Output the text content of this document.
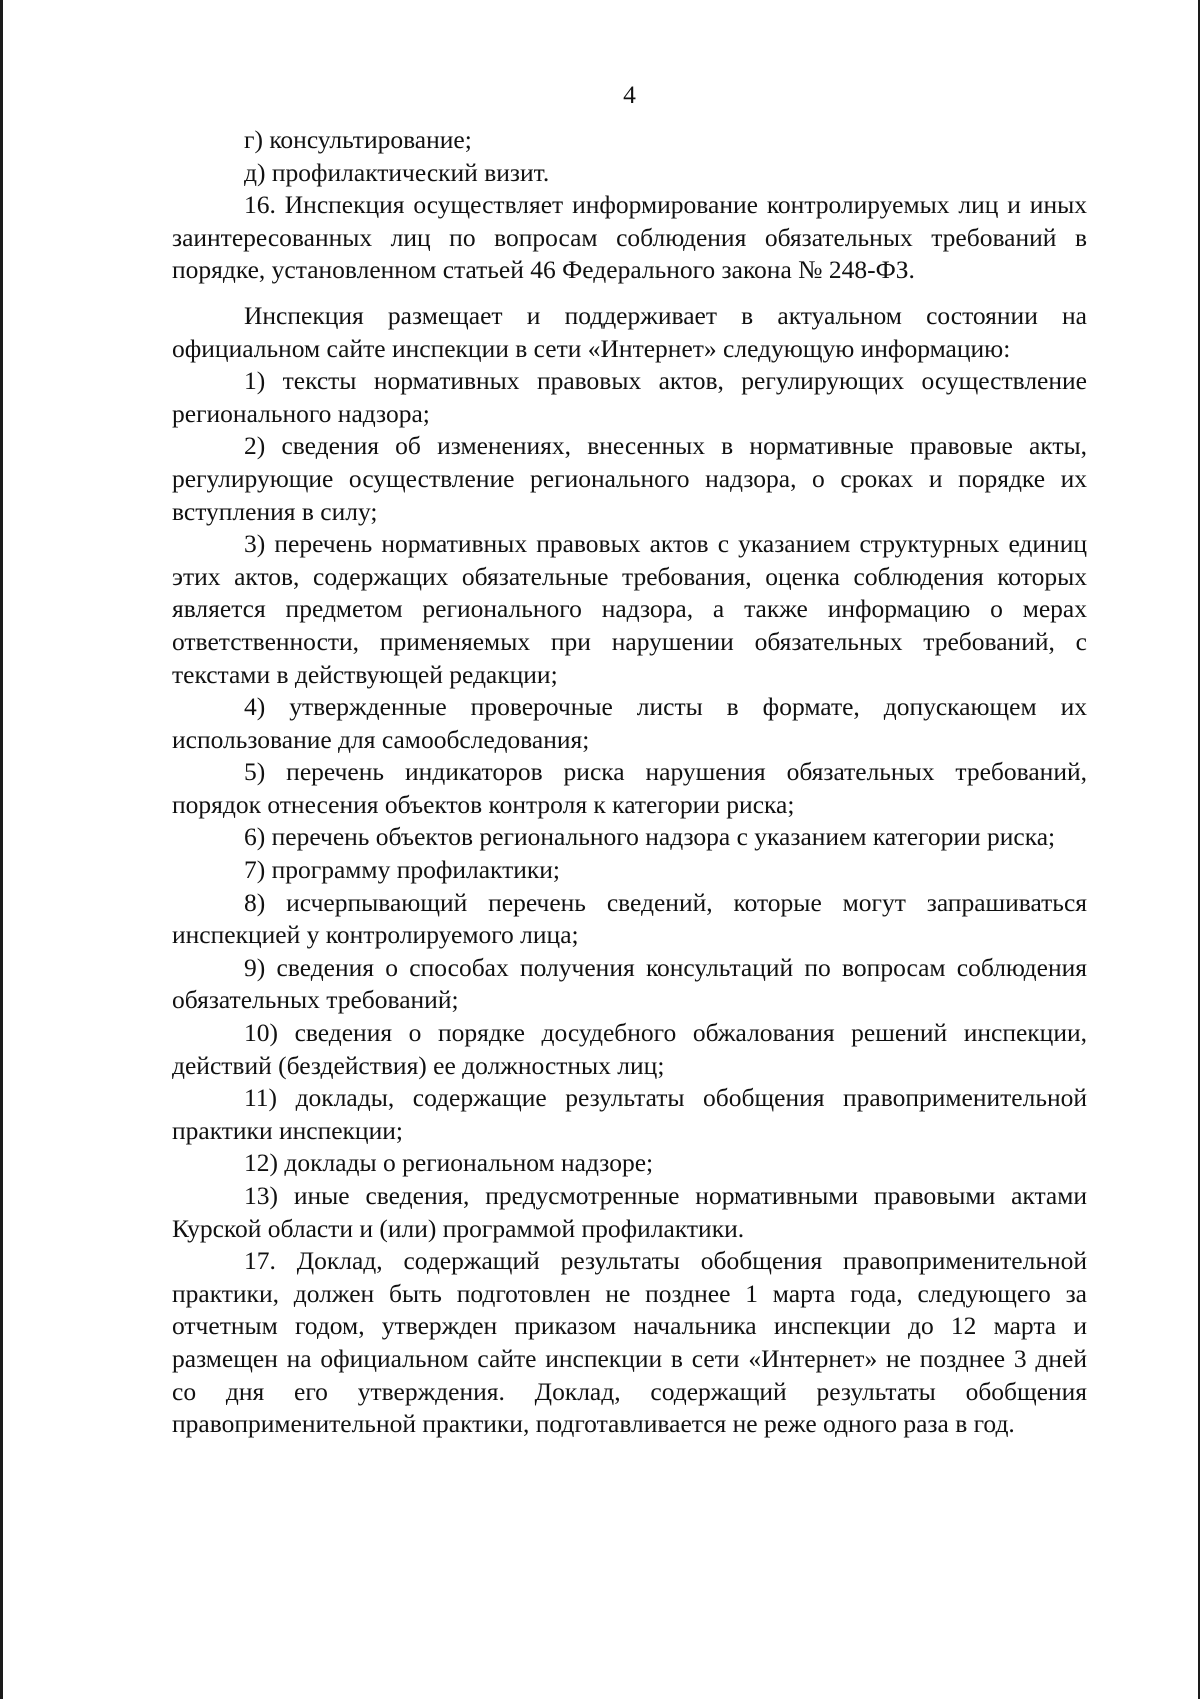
4

г) консультирование;

д) профилактический визит.

16. Инспекция осуществляет информирование контролируемых лиц и иных заинтересованных лиц по вопросам соблюдения обязательных требований в порядке, установленном статьей 46 Федерального закона № 248-ФЗ.

Инспекция размещает и поддерживает в актуальном состоянии на официальном сайте инспекции в сети «Интернет» следующую информацию:

1) тексты нормативных правовых актов, регулирующих осуществление регионального надзора;

2) сведения об изменениях, внесенных в нормативные правовые акты, регулирующие осуществление регионального надзора, о сроках и порядке их вступления в силу;

3) перечень нормативных правовых актов с указанием структурных единиц этих актов, содержащих обязательные требования, оценка соблюдения которых является предметом регионального надзора, а также информацию о мерах ответственности, применяемых при нарушении обязательных требований, с текстами в действующей редакции;

4) утвержденные проверочные листы в формате, допускающем их использование для самообследования;

5) перечень индикаторов риска нарушения обязательных требований, порядок отнесения объектов контроля к категории риска;

6) перечень объектов регионального надзора с указанием категории риска;

7) программу профилактики;

8) исчерпывающий перечень сведений, которые могут запрашиваться инспекцией у контролируемого лица;

9) сведения о способах получения консультаций по вопросам соблюдения обязательных требований;

10) сведения о порядке досудебного обжалования решений инспекции, действий (бездействия) ее должностных лиц;

11) доклады, содержащие результаты обобщения правоприменительной практики инспекции;

12) доклады о региональном надзоре;

13) иные сведения, предусмотренные нормативными правовыми актами Курской области и (или) программой профилактики.

17. Доклад, содержащий результаты обобщения правоприменительной практики, должен быть подготовлен не позднее 1 марта года, следующего за отчетным годом, утвержден приказом начальника инспекции до 12 марта и размещен на официальном сайте инспекции в сети «Интернет» не позднее 3 дней со дня его утверждения. Доклад, содержащий результаты обобщения правоприменительной практики, подготавливается не реже одного раза в год.
